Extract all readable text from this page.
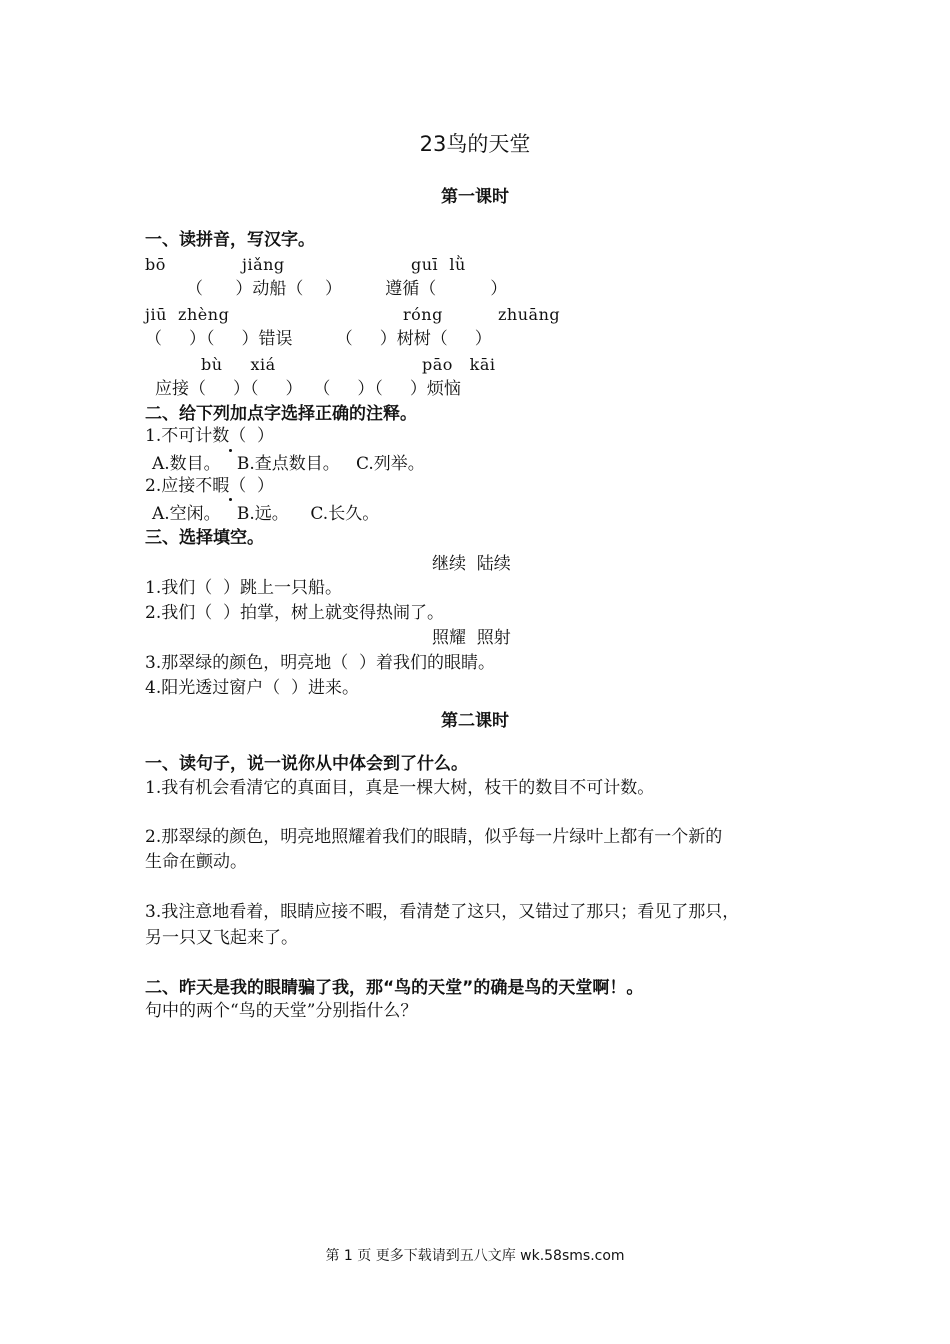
23鸟的天堂
第一课时
一、读拼音，写汉字。
bō	jiǎng	guī  lǜ
（      ）动船（    ）        遵循（          ）
jiū  zhèng	róng	zhuāng
（     ）（     ）错误        （     ）树树（     ）
bù     xiá	pāo   kāi
应接（     ）（     ）  （     ）（     ）烦恼
二、给下列加点字选择正确的注释。
1.不可计数（  ）
A.数目。   B.查点数目。   C.列举。
2.应接不暇（  ）
A.空闲。   B.远。    C.长久。
三、选择填空。
继续  陆续
1.我们（  ）跳上一只船。
2.我们（  ）拍掌，树上就变得热闹了。
照耀  照射
3.那翠绿的颜色，明亮地（  ）着我们的眼睛。
4.阳光透过窗户（  ）进来。
第二课时
一、读句子，说一说你从中体会到了什么。
1.我有机会看清它的真面目，真是一棵大树，枝干的数目不可计数。
2.那翠绿的颜色，明亮地照耀着我们的眼睛，似乎每一片绿叶上都有一个新的
生命在颤动。
3.我注意地看着，眼睛应接不暇，看清楚了这只，又错过了那只；看见了那只，
另一只又飞起来了。
二、昨天是我的眼睛骗了我，那“鸟的天堂”的确是鸟的天堂啊！。
句中的两个“鸟的天堂”分别指什么？
第 1 页 更多下载请到五八文库 wk.58sms.com
